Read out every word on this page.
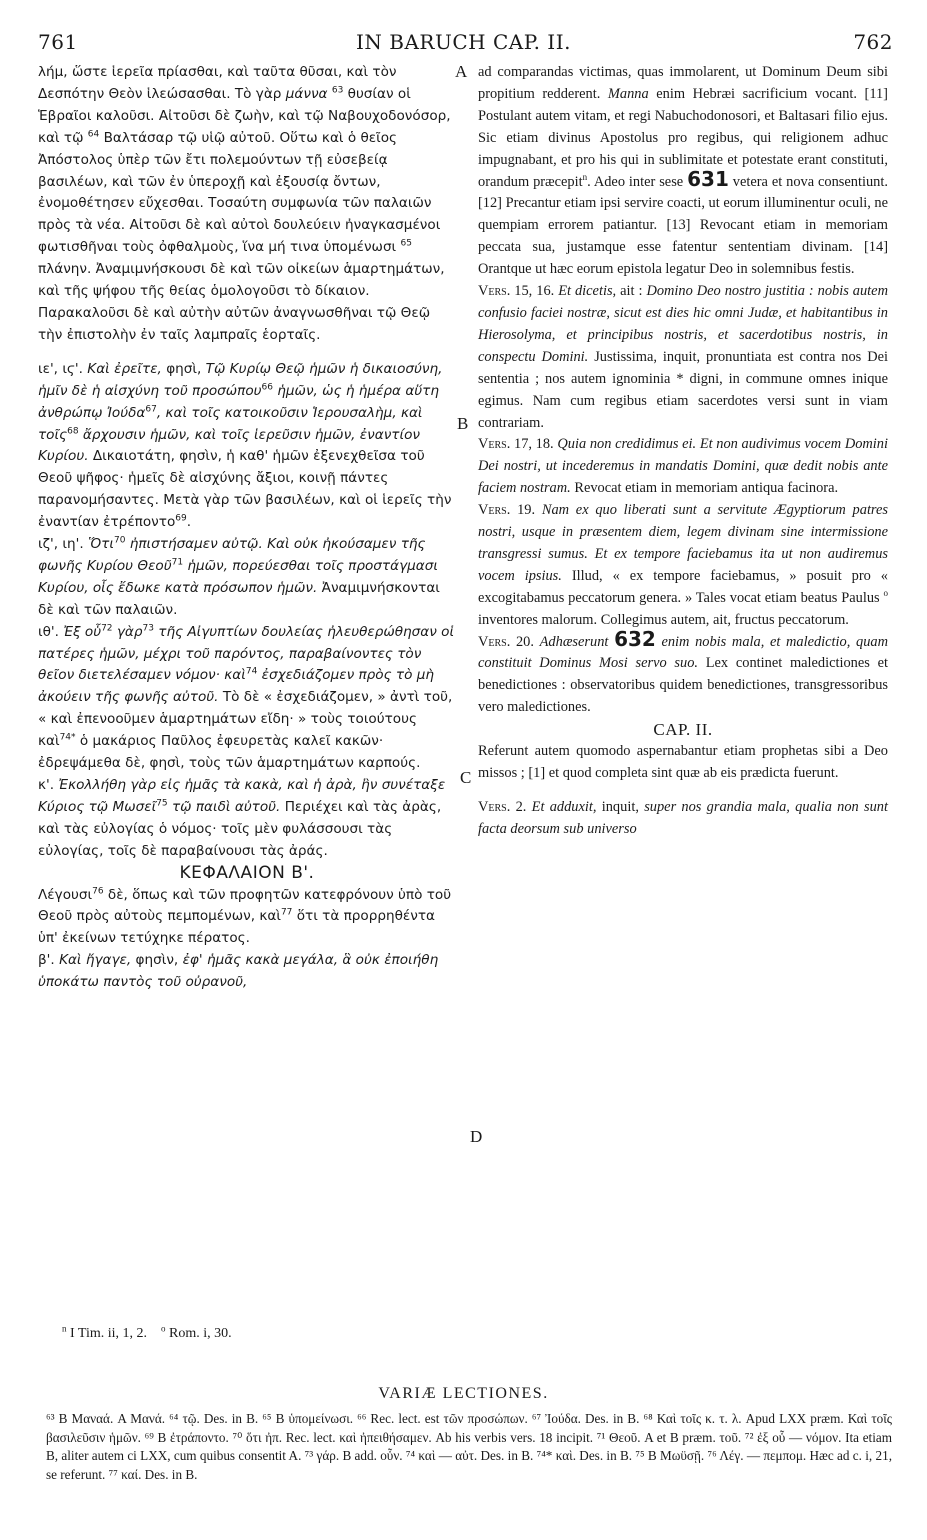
761	IN BARUCH CAP. II.	762
A
B
C
D

λήμ, ὥστε ἱερεῖα πρίασθαι, καὶ ταῦτα θῦσαι, καὶ τὸν Δεσπότην Θεὸν ἱλεώσασθαι. Τὸ γὰρ μάννα $^{63}$ θυσίαν οἱ Ἑβραῖοι καλοῦσι. Αἰτοῦσι δὲ ζωὴν, καὶ τῷ Ναβουχοδονόσορ, καὶ τῷ $^{64}$ Βαλτάσαρ τῷ υἱῷ αὐτοῦ. Οὕτω καὶ ὁ θεῖος Ἀπόστολος ὑπὲρ τῶν ἔτι πολεμούντων τῇ εὐσεβείᾳ βασιλέων, καὶ τῶν ἐν ὑπεροχῇ καὶ ἐξουσίᾳ ὄντων, ἐνομοθέτησεν εὔχεσθαι. Τοσαύτη συμφωνία τῶν παλαιῶν πρὸς τὰ νέα. Αἰτοῦσι δὲ καὶ αὐτοὶ δουλεύειν ἠναγκασμένοι φωτισθῆναι τοὺς ὀφθαλμοὺς, ἵνα μή τινα ὑπομένωσι $^{65}$ πλάνην. Ἀναμιμνήσκουσι δὲ καὶ τῶν οἰκείων ἁμαρτημάτων, καὶ τῆς ψήφου τῆς θείας ὁμολογοῦσι τὸ δίκαιον. Παρακαλοῦσι δὲ καὶ αὐτὴν αὐτῶν ἀναγνωσθῆναι τῷ Θεῷ τὴν ἐπιστολὴν ἐν ταῖς λαμπραῖς ἑορταῖς.

ιε', ιϛ'. Καὶ ἐρεῖτε, φησὶ, Τῷ Κυρίῳ Θεῷ ἡμῶν ἡ δικαιοσύνη, ἡμῖν δὲ ἡ αἰσχύνη τοῦ προσώπου$^{66}$ ἡμῶν, ὡς ἡ ἡμέρα αὕτη ἀνθρώπῳ Ἰούδα$^{67}$, καὶ τοῖς κατοικοῦσιν Ἱερουσαλὴμ, καὶ τοῖς$^{68}$ ἄρχουσιν ἡμῶν, καὶ τοῖς ἱερεῦσιν ἡμῶν, ἐναντίον Κυρίου. Δικαιοτάτη, φησὶν, ἡ καθ' ἡμῶν ἐξενεχθεῖσα τοῦ Θεοῦ ψῆφος· ἡμεῖς δὲ αἰσχύνης ἄξιοι, κοινῇ πάντες παρανομήσαντες. Μετὰ γὰρ τῶν βασιλέων, καὶ οἱ ἱερεῖς τὴν ἐναντίαν ἐτρέποντο$^{69}$.

ιζ', ιη'. Ὅτι$^{70}$ ἠπιστήσαμεν αὐτῷ. Καὶ οὐκ ἠκούσαμεν τῆς φωνῆς Κυρίου Θεοῦ$^{71}$ ἡμῶν, πορεύεσθαι τοῖς προστάγμασι Κυρίου, οἷς ἔδωκε κατὰ πρόσωπον ἡμῶν. Ἀναμιμνήσκονται δὲ καὶ τῶν παλαιῶν.

ιθ'. Ἐξ οὗ$^{72}$ γὰρ$^{73}$ τῆς Αἰγυπτίων δουλείας ἠλευθερώθησαν οἱ πατέρες ἡμῶν, μέχρι τοῦ παρόντος, παραβαίνοντες τὸν θεῖον διετελέσαμεν νόμον· καὶ$^{74}$ ἐσχεδιάζομεν πρὸς τὸ μὴ ἀκούειν τῆς φωνῆς αὐτοῦ. Τὸ δὲ « ἐσχεδιάζομεν, » ἀντὶ τοῦ, « καὶ ἐπενοοῦμεν ἁμαρτημάτων εἴδη· » τοὺς τοιούτους καὶ$^{74*}$ ὁ μακάριος Παῦλος ἐφευρετὰς καλεῖ κακῶν· ἐδρεψάμεθα δὲ, φησὶ, τοὺς τῶν ἁμαρτημάτων καρπούς.

κ'. Ἐκολλήθη γὰρ εἰς ἡμᾶς τὰ κακὰ, καὶ ἡ ἀρὰ, ἣν συνέταξε Κύριος τῷ Μωσεῖ$^{75}$ τῷ παιδὶ αὐτοῦ. Περιέχει καὶ τὰς ἀρὰς, καὶ τὰς εὐλογίας ὁ νόμος· τοῖς μὲν φυλάσσουσι τὰς εὐλογίας, τοῖς δὲ παραβαίνουσι τὰς ἀράς.

ΚΕΦΑΛΑΙΟΝ Β'.

Λέγουσι$^{76}$ δὲ, ὅπως καὶ τῶν προφητῶν κατεφρόνουν ὑπὸ τοῦ Θεοῦ πρὸς αὐτοὺς πεμπομένων, καὶ$^{77}$ ὅτι τὰ προρρηθέντα ὑπ' ἐκείνων τετύχηκε πέρατος.

β'. Καὶ ἤγαγε, φησὶν, ἐφ' ἡμᾶς κακὰ μεγάλα, ἃ οὐκ ἐποιήθη ὑποκάτω παντὸς τοῦ οὐρανοῦ,

ad comparandas victimas, quas immolarent, ut Dominum Deum sibi propitium redderent. Manna enim Hebræi sacrificium vocant. [11] Postulant autem vitam, et regi Nabuchodonosori, et Baltasari filio ejus. Sic etiam divinus Apostolus pro regibus, qui religionem adhuc impugnabant, et pro his qui in sublimitate et potestate erant constituti, orandum præcepit$^n$. Adeo inter sese 631 vetera et nova consentiunt. [12] Precantur etiam ipsi servire coacti, ut eorum illuminentur oculi, ne quempiam errorem patiantur. [13] Revocant etiam in memoriam peccata sua, justamque esse fatentur sententiam divinam. [14] Orantque ut hæc eorum epistola legatur Deo in solemnibus festis.

Vers. 15, 16. Et dicetis, ait : Domino Deo nostro justitia : nobis autem confusio faciei nostræ, sicut est dies hic omni Judæ, et habitantibus in Hierosolyma, et principibus nostris, et sacerdotibus nostris, in conspectu Domini. Justissima, inquit, pronuntiata est contra nos Dei sententia ; nos autem ignominia * digni, in commune omnes inique egimus. Nam cum regibus etiam sacerdotes versi sunt in viam contrariam.

Vers. 17, 18. Quia non credidimus ei. Et non audivimus vocem Domini Dei nostri, ut incederemus in mandatis Domini, quæ dedit nobis ante faciem nostram. Revocat etiam in memoriam antiqua facinora.

Vers. 19. Nam ex quo liberati sunt a servitute Ægyptiorum patres nostri, usque in præsentem diem, legem divinam sine intermissione transgressi sumus. Et ex tempore faciebamus ita ut non audiremus vocem ipsius. Illud, « ex tempore faciebamus, » posuit pro « excogitabamus peccatorum genera. » Tales vocat etiam beatus Paulus $^o$ inventores malorum. Collegimus autem, ait, fructus peccatorum.

Vers. 20. Adhæserunt 632 enim nobis mala, et maledictio, quam constituit Dominus Mosi servo suo. Lex continet maledictiones et benedictiones : observatoribus quidem benedictiones, transgressoribus vero maledictiones.

CAP. II.

Referunt autem quomodo aspernabantur etiam prophetas sibi a Deo missos ; [1] et quod completa sint quæ ab eis prædicta fuerunt.

Vers. 2. Et adduxit, inquit, super nos grandia mala, qualia non sunt facta deorsum sub universo

$^n$ I Tim. ii, 1, 2. $^o$ Rom. i, 30.
VARIÆ LECTIONES.

⁶³ B Μαναά. A Μανά. ⁶⁴ τῷ. Des. in B. ⁶⁵ B ὑπομείνωσι. ⁶⁶ Rec. lect. est τῶν προσώπων. ⁶⁷ Ἰούδα. Des. in B. ⁶⁸ Καὶ τοῖς κ. τ. λ. Apud LXX præm. Καὶ τοῖς βασιλεῦσιν ἡμῶν. ⁶⁹ B ἐτράποντο. ⁷⁰ ὅτι ἠπ. Rec. lect. καὶ ἠπειθήσαμεν. Ab his verbis vers. 18 incipit. ⁷¹ Θεοῦ. A et B præm. τοῦ. ⁷² ἐξ οὗ — νόμον. Ita etiam B, aliter autem ci LXX, cum quibus consentit A. ⁷³ γάρ. B add. οὗν. ⁷⁴ καὶ — αὐτ. Des. in B. ⁷⁴* καὶ. Des. in B. ⁷⁵ B Μωϋσῇ. ⁷⁶ Λέγ. — πεμπομ. Hæc ad c. i, 21, se referunt. ⁷⁷ καί. Des. in B.
